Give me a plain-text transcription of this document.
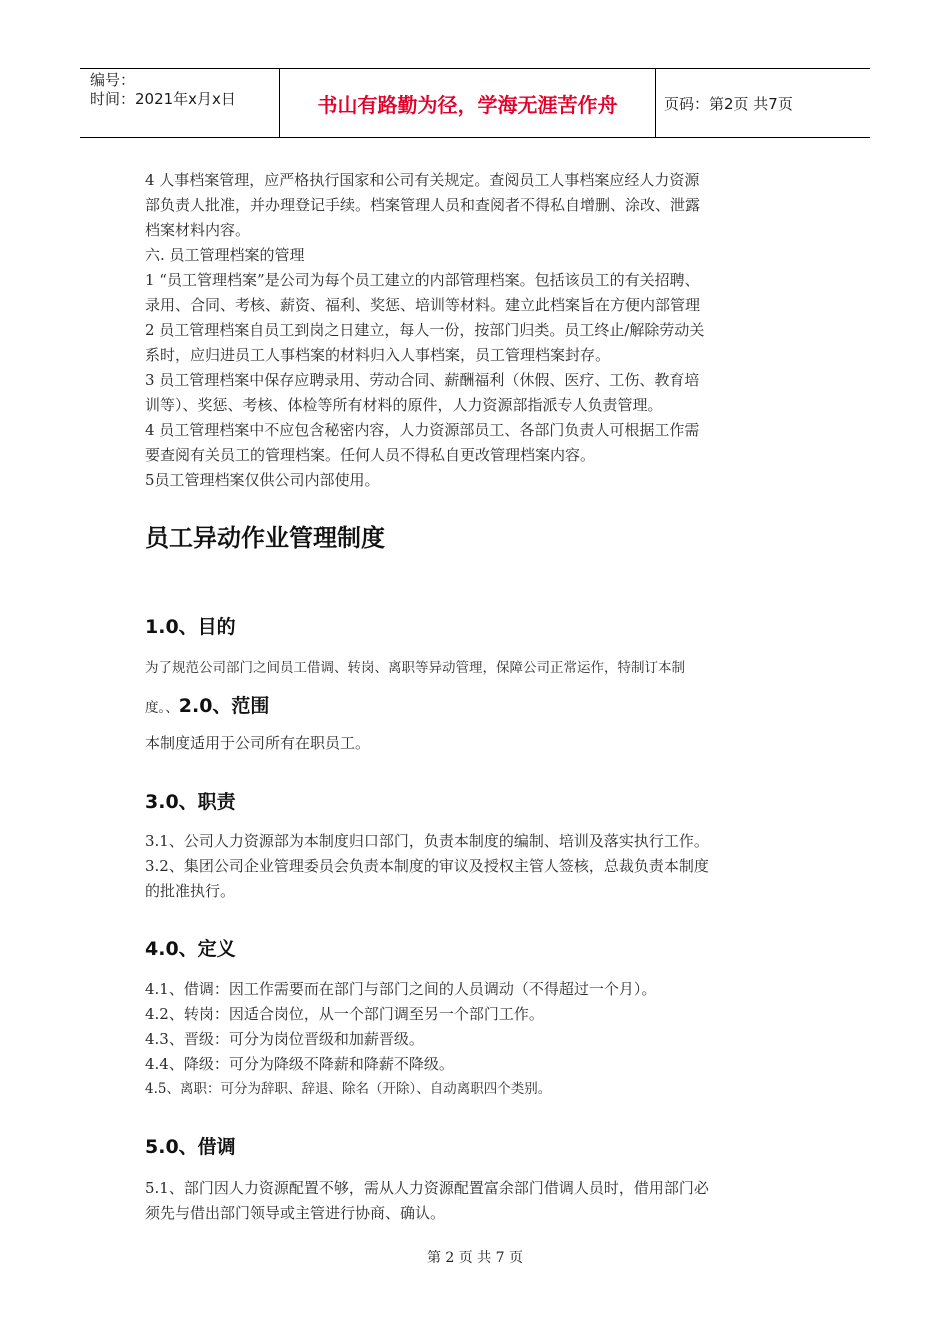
编号：
时间：2021年x月x日	书山有路勤为径，学海无涯苦作舟	页码：第2页 共7页

4 人事档案管理，应严格执行国家和公司有关规定。查阅员工人事档案应经人力资源

部负责人批准，并办理登记手续。档案管理人员和查阅者不得私自增删、涂改、泄露

档案材料内容。

六. 员工管理档案的管理

1 “员工管理档案”是公司为每个员工建立的内部管理档案。包括该员工的有关招聘、

录用、合同、考核、薪资、福利、奖惩、培训等材料。建立此档案旨在方便内部管理

2 员工管理档案自员工到岗之日建立，每人一份，按部门归类。员工终止/解除劳动关

系时，应归进员工人事档案的材料归入人事档案，员工管理档案封存。

3 员工管理档案中保存应聘录用、劳动合同、薪酬福利（休假、医疗、工伤、教育培

训等）、奖惩、考核、体检等所有材料的原件，人力资源部指派专人负责管理。

4 员工管理档案中不应包含秘密内容，人力资源部员工、各部门负责人可根据工作需

要查阅有关员工的管理档案。任何人员不得私自更改管理档案内容。

5员工管理档案仅供公司内部使用。

员工异动作业管理制度
1.0、目的

为了规范公司部门之间员工借调、转岗、离职等异动管理，保障公司正常运作，特制订本制

度。、2.0、范围

本制度适用于公司所有在职员工。

3.0、职责

3.1、公司人力资源部为本制度归口部门，负责本制度的编制、培训及落实执行工作。

3.2、集团公司企业管理委员会负责本制度的审议及授权主管人签核，总裁负责本制度

的批准执行。

4.0、定义

4.1、借调：因工作需要而在部门与部门之间的人员调动（不得超过一个月）。

4.2、转岗：因适合岗位，从一个部门调至另一个部门工作。

4.3、晋级：可分为岗位晋级和加薪晋级。

4.4、降级：可分为降级不降薪和降薪不降级。

4.5、离职：可分为辞职、辞退、除名（开除）、自动离职四个类别。

5.0、借调

5.1、部门因人力资源配置不够，需从人力资源配置富余部门借调人员时，借用部门必

须先与借出部门领导或主管进行协商、确认。

第 2 页 共 7 页
